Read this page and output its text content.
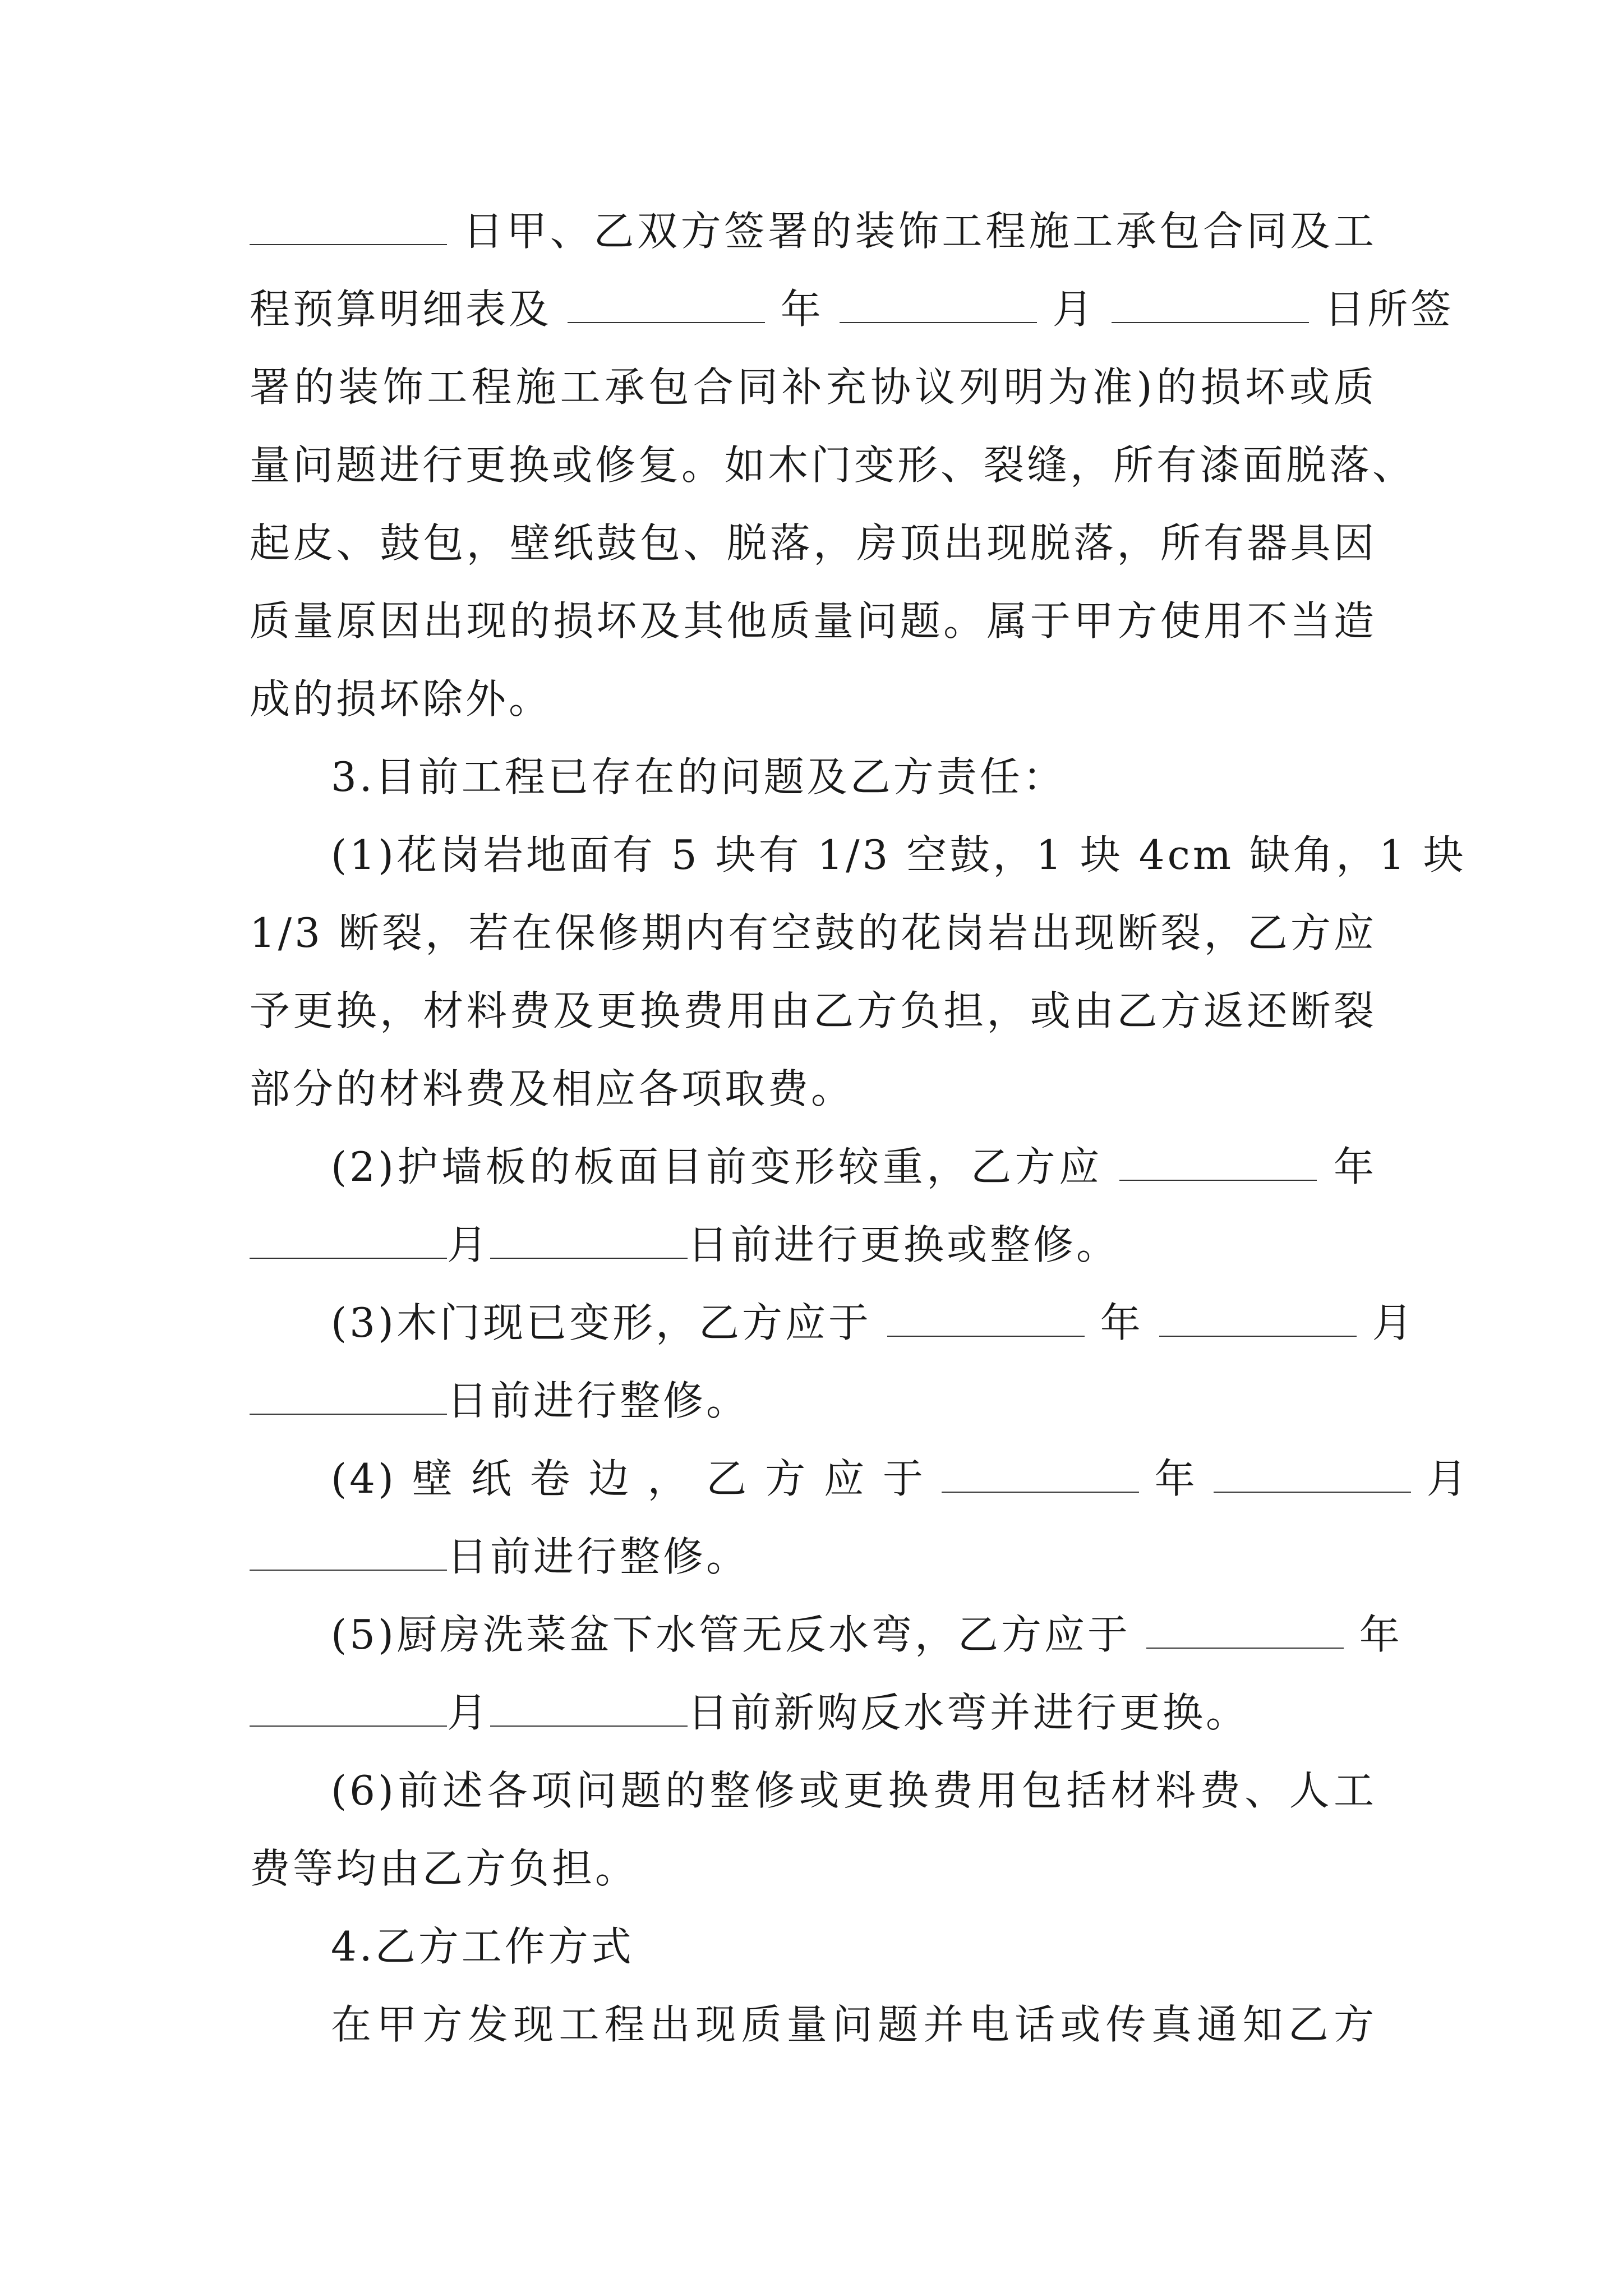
日甲、乙双方签署的装饰工程施工承包合同及工
程预算明细表及	年	月	日所签
署的装饰工程施工承包合同补充协议列明为准)的损坏或质
量问题进行更换或修复。如木门变形、裂缝，所有漆面脱落、
起皮、鼓包，壁纸鼓包、脱落，房顶出现脱落，所有器具因
质量原因出现的损坏及其他质量问题。属于甲方使用不当造
成的损坏除外。
3.目前工程已存在的问题及乙方责任：
(1)花岗岩地面有 5 块有 1/3 空鼓，1 块 4cm 缺角，1 块
1/3 断裂，若在保修期内有空鼓的花岗岩出现断裂，乙方应
予更换，材料费及更换费用由乙方负担，或由乙方返还断裂
部分的材料费及相应各项取费。
(2)护墙板的板面目前变形较重，乙方应	年
月	日前进行更换或整修。
(3)木门现已变形，乙方应于	年	月
日前进行整修。
(4) 壁 纸 卷 边 ， 乙 方 应 于	年	月
日前进行整修。
(5)厨房洗菜盆下水管无反水弯，乙方应于	年
月	日前新购反水弯并进行更换。
(6)前述各项问题的整修或更换费用包括材料费、人工
费等均由乙方负担。
4.乙方工作方式
在甲方发现工程出现质量问题并电话或传真通知乙方
